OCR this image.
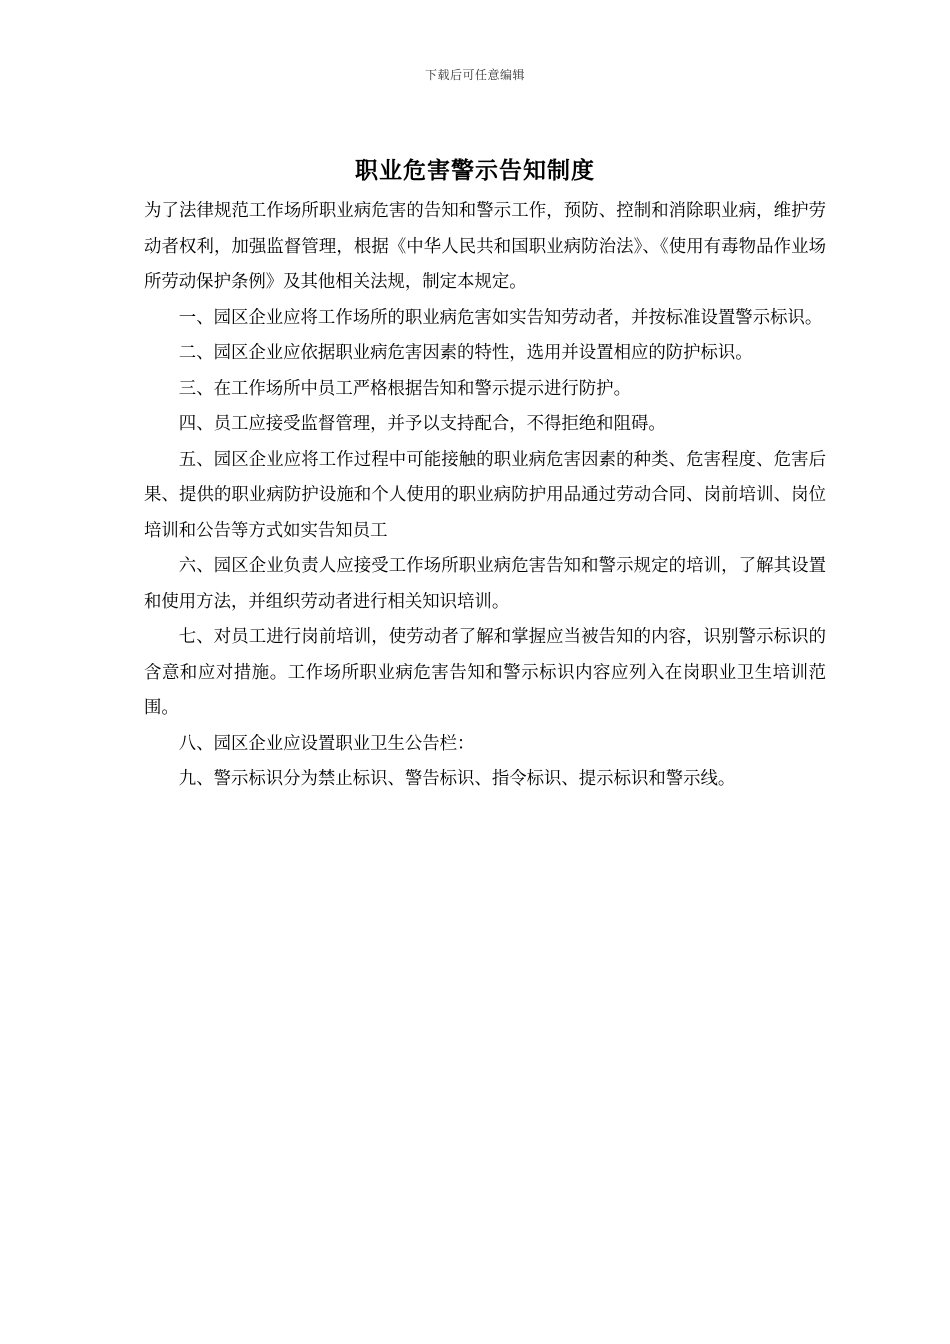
下载后可任意编辑
职业危害警示告知制度

为了法律规范工作场所职业病危害的告知和警示工作，预防、控制和消除职业病，维护劳动者权利，加强监督管理，根据《中华人民共和国职业病防治法》、《使用有毒物品作业场所劳动保护条例》及其他相关法规，制定本规定。

一、园区企业应将工作场所的职业病危害如实告知劳动者，并按标准设置警示标识。

二、园区企业应依据职业病危害因素的特性，选用并设置相应的防护标识。

三、在工作场所中员工严格根据告知和警示提示进行防护。

四、员工应接受监督管理，并予以支持配合，不得拒绝和阻碍。

五、园区企业应将工作过程中可能接触的职业病危害因素的种类、危害程度、危害后果、提供的职业病防护设施和个人使用的职业病防护用品通过劳动合同、岗前培训、岗位培训和公告等方式如实告知员工

六、园区企业负责人应接受工作场所职业病危害告知和警示规定的培训，了解其设置和使用方法，并组织劳动者进行相关知识培训。

七、对员工进行岗前培训，使劳动者了解和掌握应当被告知的内容，识别警示标识的含意和应对措施。工作场所职业病危害告知和警示标识内容应列入在岗职业卫生培训范围。

八、园区企业应设置职业卫生公告栏：

九、警示标识分为禁止标识、警告标识、指令标识、提示标识和警示线。
